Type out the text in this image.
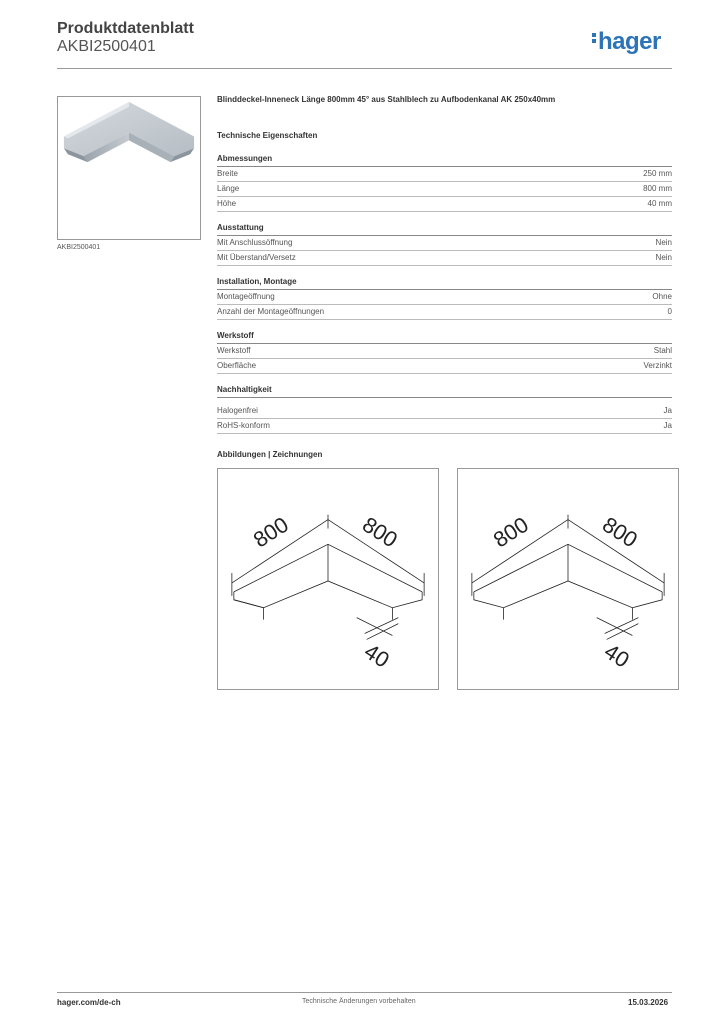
Produktdatenblatt
AKBI2500401	hager
AKBI2500401
Blinddeckel-Inneneck Länge 800mm 45° aus Stahlblech zu Aufbodenkanal AK 250x40mm
Technische Eigenschaften
Abmessungen
Breite	250 mm
Länge	800 mm
Höhe	40 mm
Ausstattung
Mit Anschlussöffnung	Nein
Mit Überstand/Versetz	Nein
Installation, Montage
Montageöffnung	Ohne
Anzahl der Montageöffnungen	0
Werkstoff
Werkstoff	Stahl
Oberfläche	Verzinkt
Nachhaltigkeit
Halogenfrei	Ja
RoHS-konform	Ja
Abbildungen | Zeichnungen
800	800
40
800	800
40
hager.com/de-ch	Technische Änderungen vorbehalten	15.03.2026
